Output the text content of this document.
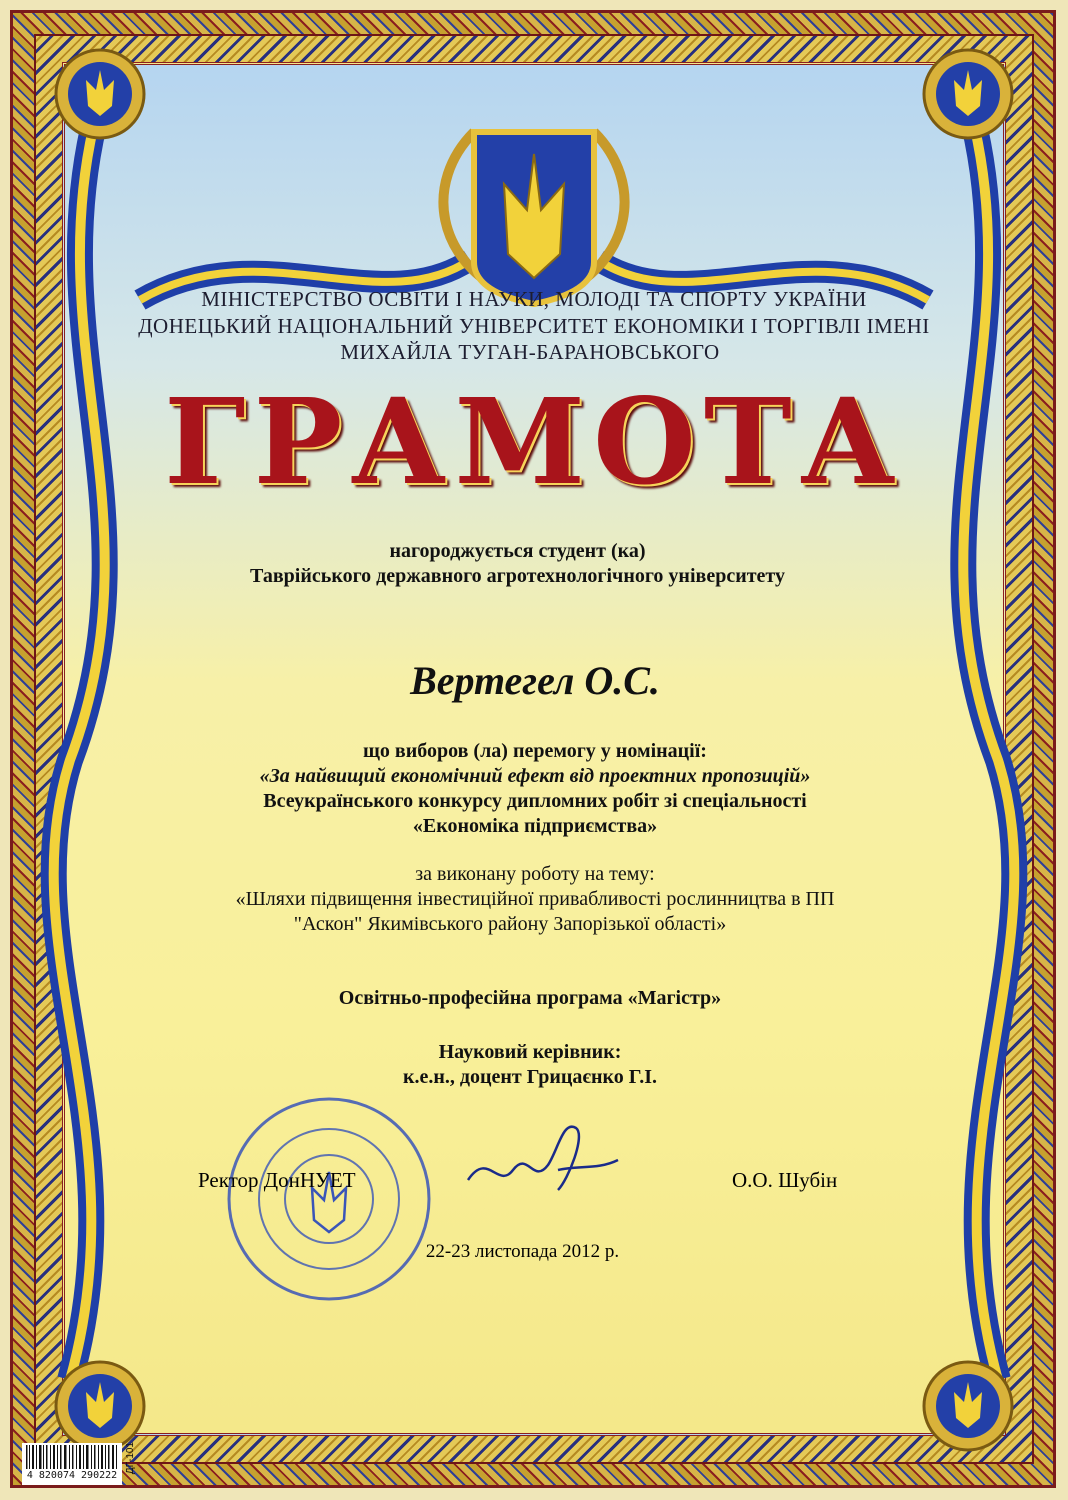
МІНІСТЕРСТВО ОСВІТИ І НАУКИ, МОЛОДІ ТА СПОРТУ УКРАЇНИ
ДОНЕЦЬКИЙ НАЦІОНАЛЬНИЙ УНІВЕРСИТЕТ ЕКОНОМІКИ І ТОРГІВЛІ ІМЕНІ
МИХАЙЛА ТУГАН-БАРАНОВСЬКОГО
ГРАМОТА
нагороджується студент (ка)
Таврійського державного агротехнологічного університету
Вертегел О.С.
що виборов (ла) перемогу у номінації:
«За найвищий економічний ефект від проектних пропозицій»
Всеукраїнського конкурсу дипломних робіт зі спеціальності
«Економіка підприємства»
за виконану роботу на тему:
«Шляхи підвищення інвестиційної привабливості рослинництва в ПП
"Аскон" Якимівського району Запорізької області»
Освітньо-професійна програма «Магістр»
Науковий керівник:
к.е.н., доцент Грицаєнко Г.І.
Ректор ДонНУЕТ	О.О. Шубін
22-23 листопада 2012 р.
4 820074 290222
ДГ-101
